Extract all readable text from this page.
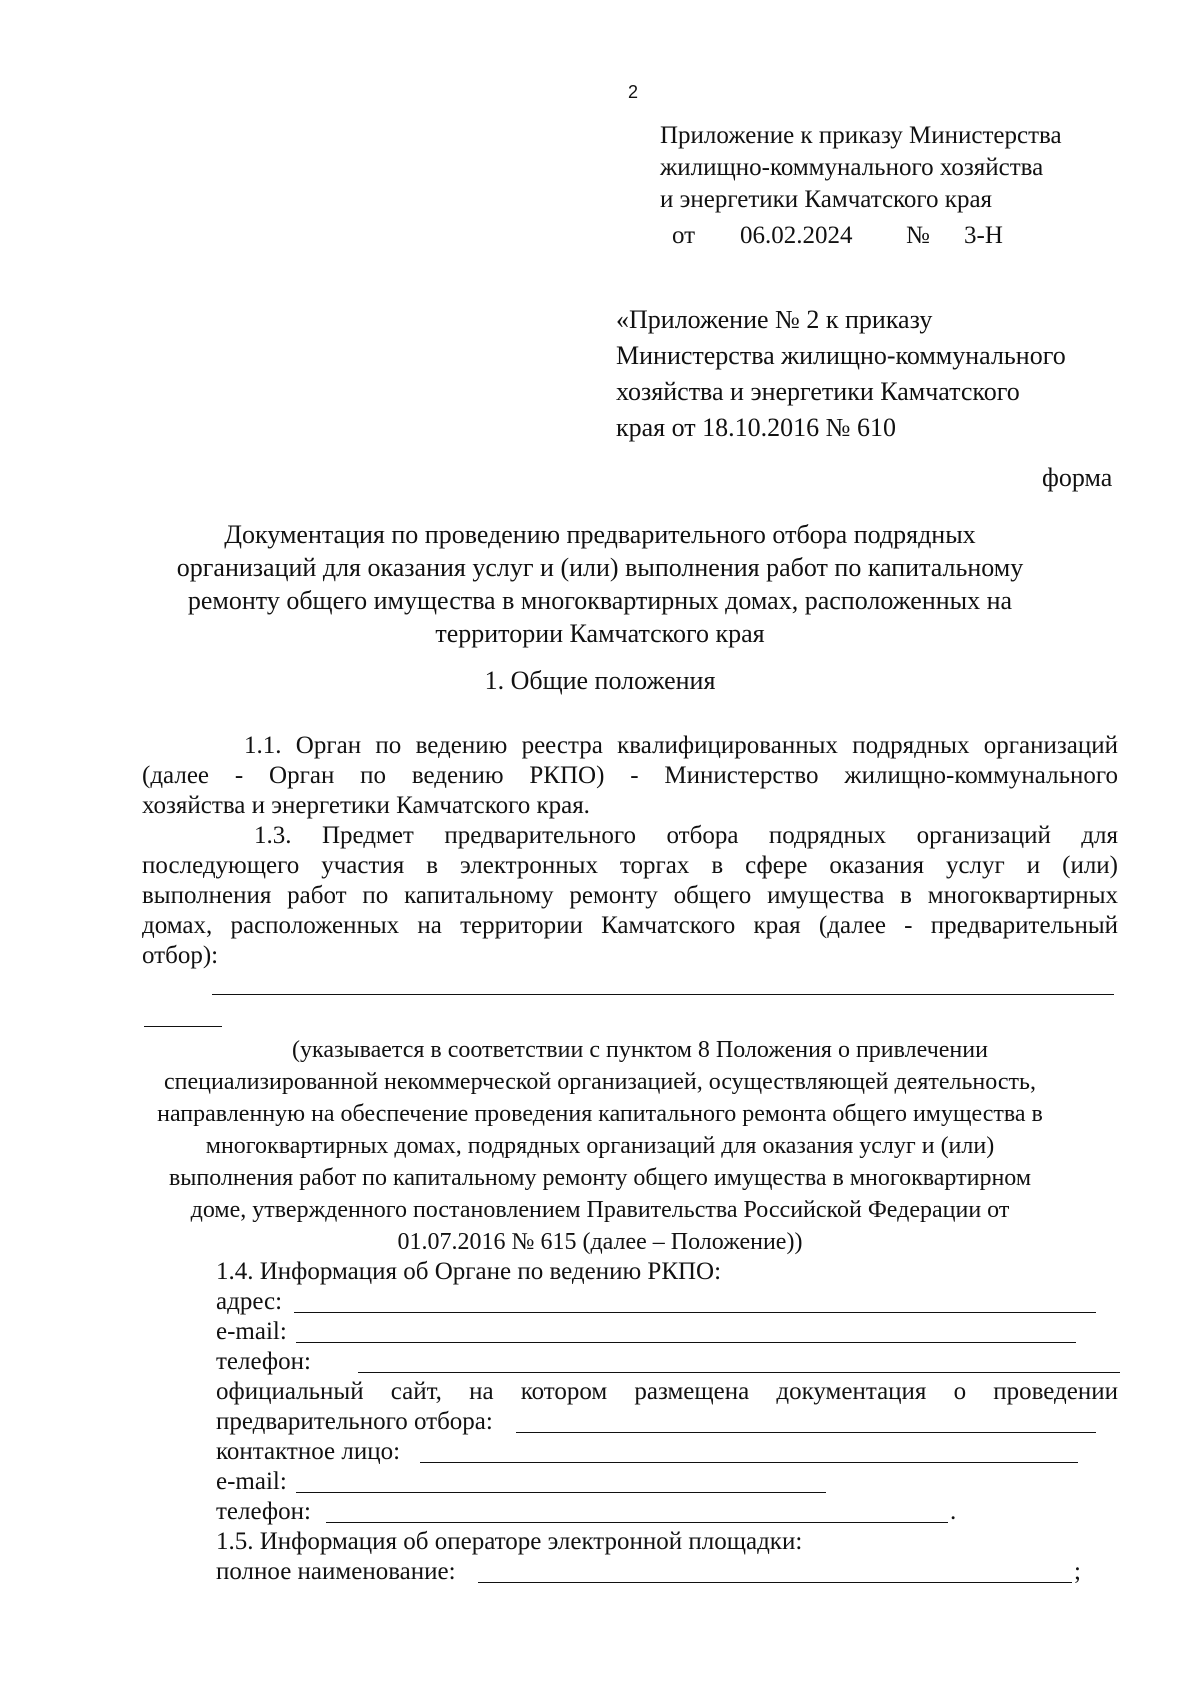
2
Приложение к приказу Министерства
жилищно-коммунального хозяйства
и энергетики Камчатского края
от 06.02.2024 № 3-Н
«Приложение № 2 к приказу
Министерства жилищно-коммунального
хозяйства и энергетики Камчатского
края от 18.10.2016 № 610
форма
Документация по проведению предварительного отбора подрядных
организаций для оказания услуг и (или) выполнения работ по капитальному
ремонту общего имущества в многоквартирных домах, расположенных на
территории Камчатского края
1. Общие положения
1.1. Орган по ведению реестра квалифицированных подрядных организаций
(далее - Орган по ведению РКПО) - Министерство жилищно-коммунального
хозяйства и энергетики Камчатского края.
1.3. Предмет предварительного отбора подрядных организаций для
последующего участия в электронных торгах в сфере оказания услуг и (или)
выполнения работ по капитальному ремонту общего имущества в многоквартирных
домах, расположенных на территории Камчатского края (далее - предварительный
отбор):
(указывается в соответствии с пунктом 8 Положения о привлечении
специализированной некоммерческой организацией, осуществляющей деятельность,
направленную на обеспечение проведения капитального ремонта общего имущества в
многоквартирных домах, подрядных организаций для оказания услуг и (или)
выполнения работ по капитальному ремонту общего имущества в многоквартирном
доме, утвержденного постановлением Правительства Российской Федерации от
01.07.2016 № 615 (далее – Положение))
1.4. Информация об Органе по ведению РКПО:
адрес:
e-mail:
телефон:
официальный сайт, на котором размещена документация о проведении
предварительного отбора:
контактное лицо:
e-mail:
телефон:	.
1.5. Информация об операторе электронной площадки:
полное наименование:	;
